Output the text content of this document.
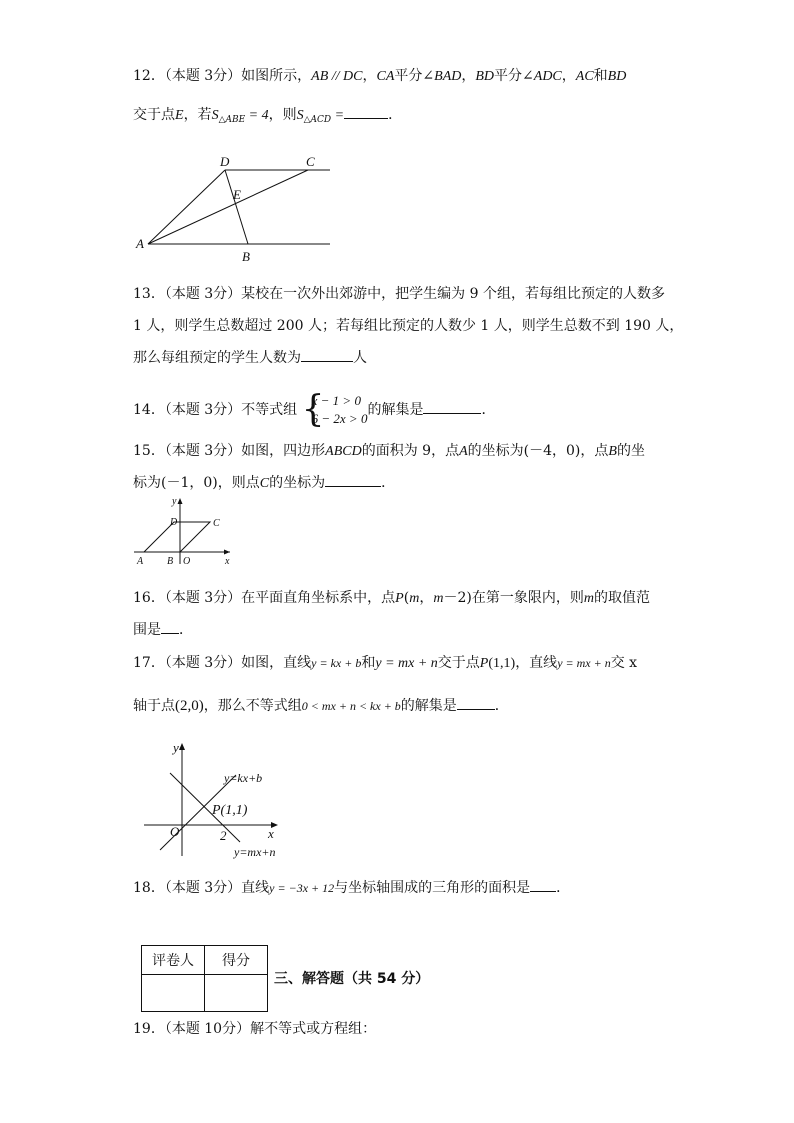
12．（本题 3分）如图所示，AB // DC，CA平分∠BAD，BD平分∠ADC，AC和BD
交于点E，若$S_{\triangle ABE} = 4$，则$S_{\triangle ACD}$ =	．
D	C
E
A
B
13．（本题 3分）某校在一次外出郊游中，把学生编为 9 个组，若每组比预定的人数多
1 人，则学生总数超过 200 人；若每组比预定的人数少 1 人，则学生总数不到 190 人，
那么每组预定的学生人数为	人
14．（本题 3分）不等式组 {
x − 1 > 0
6 − 2x > 0
的解集是	．
15．（本题 3分）如图，四边形ABCD的面积为 9，点A的坐标为(－4，0)，点B的坐
标为(－1，0)，则点C的坐标为	．
y
D	C
A B O	x
16．（本题 3分）在平面直角坐标系中，点P(m，m－2)在第一象限内，则m的取值范
围是 ．
17．（本题 3分）如图，直线y = kx + b和y = mx + n交于点P(1,1)，直线y = mx + n交 x
轴于点(2,0)，那么不等式组0 < mx + n < kx + b的解集是	．
y
O	2	x
P(1,1)
y=kx+b
y=mx+n
18．（本题 3分）直线y = −3x + 12与坐标轴围成的三角形的面积是 ．
评卷人	得分

三、解答题（共 54 分）
19．（本题 10分）解不等式或方程组：
